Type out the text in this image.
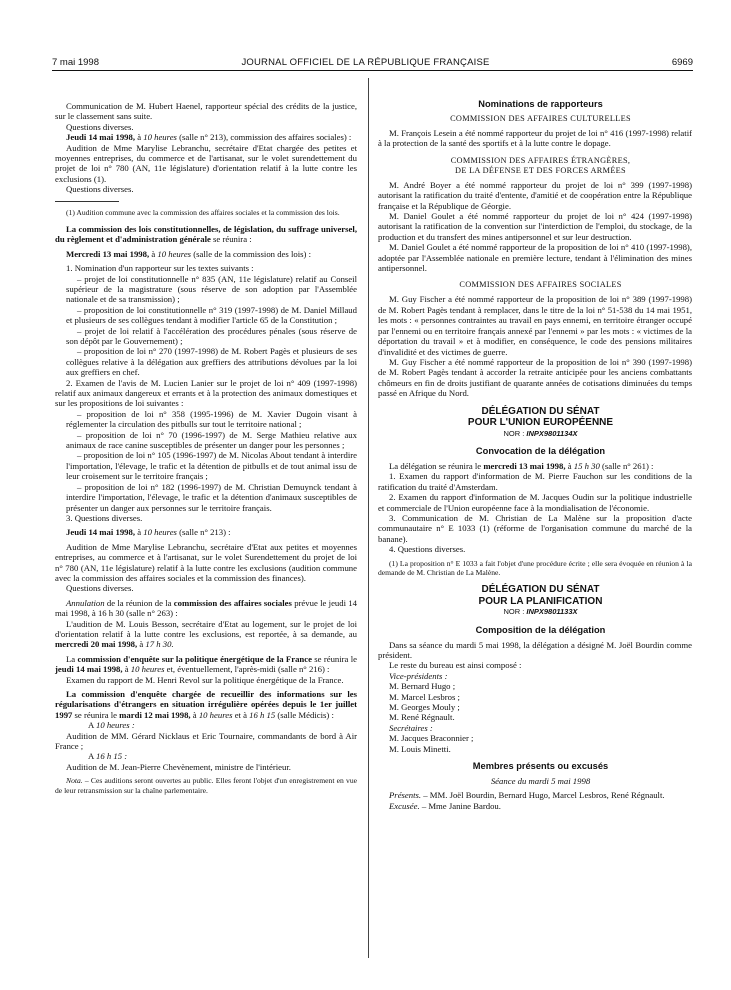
7 mai 1998	JOURNAL OFFICIEL DE LA RÉPUBLIQUE FRANÇAISE	6969

Communication de M. Hubert Haenel, rapporteur spécial des crédits de la justice, sur le classement sans suite.

Questions diverses.

Jeudi 14 mai 1998, à 10 heures (salle n° 213), commission des affaires sociales) :

Audition de Mme Marylise Lebranchu, secrétaire d'Etat chargée des petites et moyennes entreprises, du commerce et de l'artisanat, sur le volet surendettement du projet de loi n° 780 (AN, 11e législature) d'orientation relatif à la lutte contre les exclusions (1).

Questions diverses.

(1) Audition commune avec la commission des affaires sociales et la commission des lois.

La commission des lois constitutionnelles, de législation, du suffrage universel, du règlement et d'administration générale se réunira :

Mercredi 13 mai 1998, à 10 heures (salle de la commission des lois) :

1. Nomination d'un rapporteur sur les textes suivants :

– projet de loi constitutionnelle n° 835 (AN, 11e législature) relatif au Conseil supérieur de la magistrature (sous réserve de son adoption par l'Assemblée nationale et de sa transmission) ;

– proposition de loi constitutionnelle n° 319 (1997-1998) de M. Daniel Millaud et plusieurs de ses collègues tendant à modifier l'article 65 de la Constitution ;

– projet de loi relatif à l'accélération des procédures pénales (sous réserve de son dépôt par le Gouvernement) ;

– proposition de loi n° 270 (1997-1998) de M. Robert Pagès et plusieurs de ses collègues relative à la délégation aux greffiers des attributions dévolues par la loi aux greffiers en chef.

2. Examen de l'avis de M. Lucien Lanier sur le projet de loi n° 409 (1997-1998) relatif aux animaux dangereux et errants et à la protection des animaux domestiques et sur les propositions de loi suivantes :

– proposition de loi n° 358 (1995-1996) de M. Xavier Dugoin visant à réglementer la circulation des pitbulls sur tout le territoire national ;

– proposition de loi n° 70 (1996-1997) de M. Serge Mathieu relative aux animaux de race canine susceptibles de présenter un danger pour les personnes ;

– proposition de loi n° 105 (1996-1997) de M. Nicolas About tendant à interdire l'importation, l'élevage, le trafic et la détention de pitbulls et de tout animal issu de leur croisement sur le territoire français ;

– proposition de loi n° 182 (1996-1997) de M. Christian Demuynck tendant à interdire l'importation, l'élevage, le trafic et la détention d'animaux susceptibles de présenter un danger aux personnes sur le territoire français.

3. Questions diverses.

Jeudi 14 mai 1998, à 10 heures (salle n° 213) :

Audition de Mme Marylise Lebranchu, secrétaire d'Etat aux petites et moyennes entreprises, au commerce et à l'artisanat, sur le volet Surendettement du projet de loi n° 780 (AN, 11e législature) relatif à la lutte contre les exclusions (audition commune avec la commission des affaires sociales et la commission des finances).

Questions diverses.

Annulation de la réunion de la commission des affaires sociales prévue le jeudi 14 mai 1998, à 16 h 30 (salle n° 263) :

L'audition de M. Louis Besson, secrétaire d'Etat au logement, sur le projet de loi d'orientation relatif à la lutte contre les exclusions, est reportée, à sa demande, au mercredi 20 mai 1998, à 17 h 30.

La commission d'enquête sur la politique énergétique de la France se réunira le jeudi 14 mai 1998, à 10 heures et, éventuellement, l'après-midi (salle n° 216) :

Examen du rapport de M. Henri Revol sur la politique énergétique de la France.

La commission d'enquête chargée de recueillir des informations sur les régularisations d'étrangers en situation irrégulière opérées depuis le 1er juillet 1997 se réunira le mardi 12 mai 1998, à 10 heures et à 16 h 15 (salle Médicis) :

A 10 heures :

Audition de MM. Gérard Nicklaus et Eric Tournaire, commandants de bord à Air France ;

A 16 h 15 :

Audition de M. Jean-Pierre Chevènement, ministre de l'intérieur.

Nota. – Ces auditions seront ouvertes au public. Elles feront l'objet d'un enregistrement en vue de leur retransmission sur la chaîne parlementaire.

Nominations de rapporteurs

COMMISSION DES AFFAIRES CULTURELLES

M. François Lesein a été nommé rapporteur du projet de loi n° 416 (1997-1998) relatif à la protection de la santé des sportifs et à la lutte contre le dopage.

COMMISSION DES AFFAIRES ÉTRANGÈRES,

DE LA DÉFENSE ET DES FORCES ARMÉES

M. André Boyer a été nommé rapporteur du projet de loi n° 399 (1997-1998) autorisant la ratification du traité d'entente, d'amitié et de coopération entre la République française et la République de Géorgie.

M. Daniel Goulet a été nommé rapporteur du projet de loi n° 424 (1997-1998) autorisant la ratification de la convention sur l'interdiction de l'emploi, du stockage, de la production et du transfert des mines antipersonnel et sur leur destruction.

M. Daniel Goulet a été nommé rapporteur de la proposition de loi n° 410 (1997-1998), adoptée par l'Assemblée nationale en première lecture, tendant à l'élimination des mines antipersonnel.

COMMISSION DES AFFAIRES SOCIALES

M. Guy Fischer a été nommé rapporteur de la proposition de loi n° 389 (1997-1998) de M. Robert Pagès tendant à remplacer, dans le titre de la loi n° 51-538 du 14 mai 1951, les mots : « personnes contraintes au travail en pays ennemi, en territoire étranger occupé par l'ennemi ou en territoire français annexé par l'ennemi » par les mots : « victimes de la déportation du travail » et à modifier, en conséquence, le code des pensions militaires d'invalidité et des victimes de guerre.

M. Guy Fischer a été nommé rapporteur de la proposition de loi n° 390 (1997-1998) de M. Robert Pagès tendant à accorder la retraite anticipée pour les anciens combattants chômeurs en fin de droits justifiant de quarante années de cotisations diminuées du temps passé en Afrique du Nord.

DÉLÉGATION DU SÉNAT

POUR L'UNION EUROPÉENNE

NOR : INPX9801134X

Convocation de la délégation

La délégation se réunira le mercredi 13 mai 1998, à 15 h 30 (salle n° 261) :

1. Examen du rapport d'information de M. Pierre Fauchon sur les conditions de la ratification du traité d'Amsterdam.

2. Examen du rapport d'information de M. Jacques Oudin sur la politique industrielle et commerciale de l'Union européenne face à la mondialisation de l'économie.

3. Communication de M. Christian de La Malène sur la proposition d'acte communautaire n° E 1033 (1) (réforme de l'organisation commune du marché de la banane).

4. Questions diverses.

(1) La proposition n° E 1033 a fait l'objet d'une procédure écrite ; elle sera évoquée en réunion à la demande de M. Christian de La Malène.

DÉLÉGATION DU SÉNAT

POUR LA PLANIFICATION

NOR : INPX9801133X

Composition de la délégation

Dans sa séance du mardi 5 mai 1998, la délégation a désigné M. Joël Bourdin comme président.

Le reste du bureau est ainsi composé :

Vice-présidents :

M. Bernard Hugo ;

M. Marcel Lesbros ;

M. Georges Mouly ;

M. René Régnault.

Secrétaires :

M. Jacques Braconnier ;

M. Louis Minetti.

Membres présents ou excusés

Séance du mardi 5 mai 1998

Présents. – MM. Joël Bourdin, Bernard Hugo, Marcel Lesbros, René Régnault.

Excusée. – Mme Janine Bardou.
